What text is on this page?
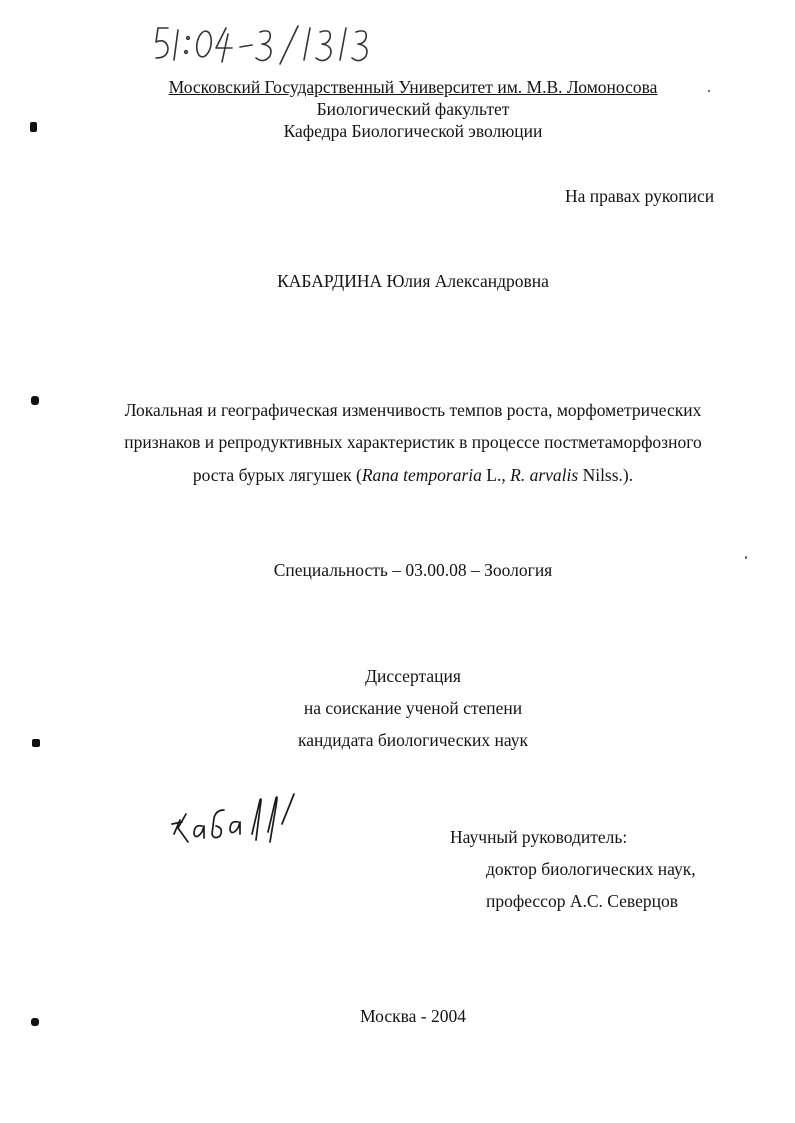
Московский Государственный Университет им. М.В. Ломоносова
Биологический факультет
Кафедра Биологической эволюции
На правах рукописи
КАБАРДИНА Юлия Александровна
Локальная и географическая изменчивость темпов роста, морфометрических
признаков и репродуктивных характеристик в процессе постметаморфозного
роста бурых лягушек (Rana temporaria L., R. arvalis Nilss.).
Специальность – 03.00.08 – Зоология
Диссертация
на соискание ученой степени
кандидата биологических наук
Научный руководитель:
доктор биологических наук,
профессор А.С. Северцов
Москва - 2004
